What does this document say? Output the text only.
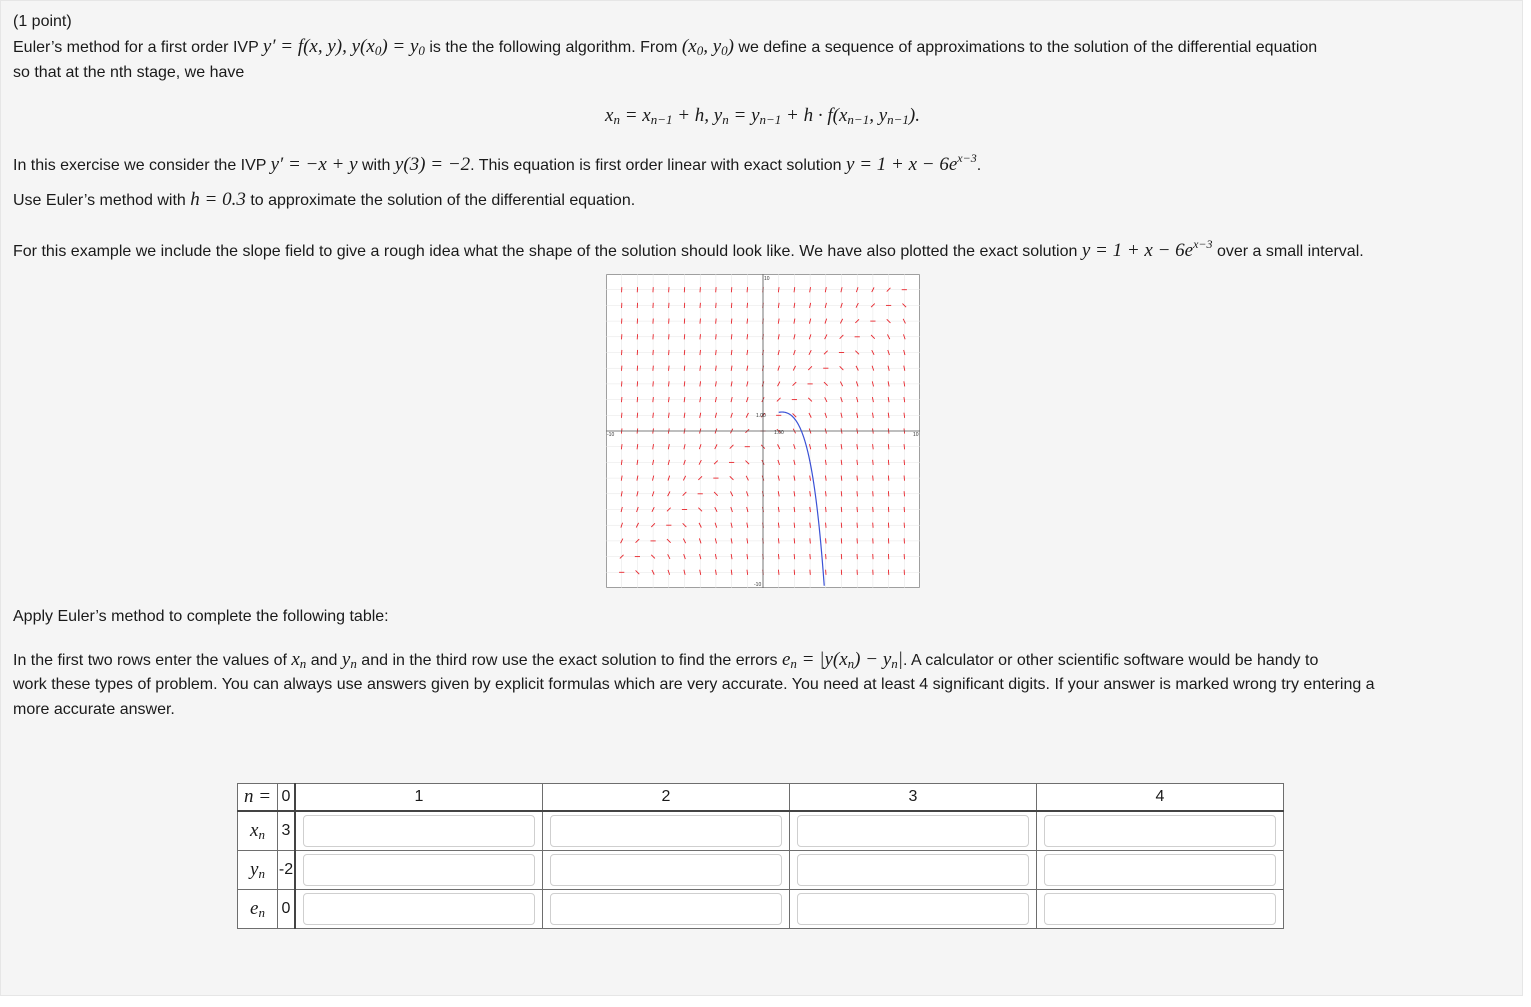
(1 point)
Euler’s method for a first order IVP y′ = f(x, y), $y(x_0) = y_0$ is the the following algorithm. From ($x_0$, $y_0$) we define a sequence of approximations to the solution of the differential equation
so that at the nth stage, we have
$x_n = x_{n-1} + h$, $y_n = y_{n-1} + h \cdot f(x_{n-1}$, $y_{n-1}$).
In this exercise we consider the IVP y′ = −x + y with y(3) = −2. This equation is first order linear with exact solution $y = 1 + x - 6e^{x-3}$.
Use Euler’s method with h = 0.3 to approximate the solution of the differential equation.
For this example we include the slope field to give a rough idea what the shape of the solution should look like. We have also plotted the exact solution $y = 1 + x - 6e^{x-3}$ over a small interval.
10
-10	10
-10
1.00
1.00
Apply Euler’s method to complete the following table:
In the first two rows enter the values of $x_n$ and $y_n$ and in the third row use the exact solution to find the errors $e_n = |y(x_n) - y_n|$. A calculator or other scientific software would be handy to
work these types of problem. You can always use answers given by explicit formulas which are very accurate. You need at least 4 significant digits. If your answer is marked wrong try entering a
more accurate answer.
n =	0	1	2	3	4
$x_n$	3	

$y_n$	-2	

$e_n$	0	
